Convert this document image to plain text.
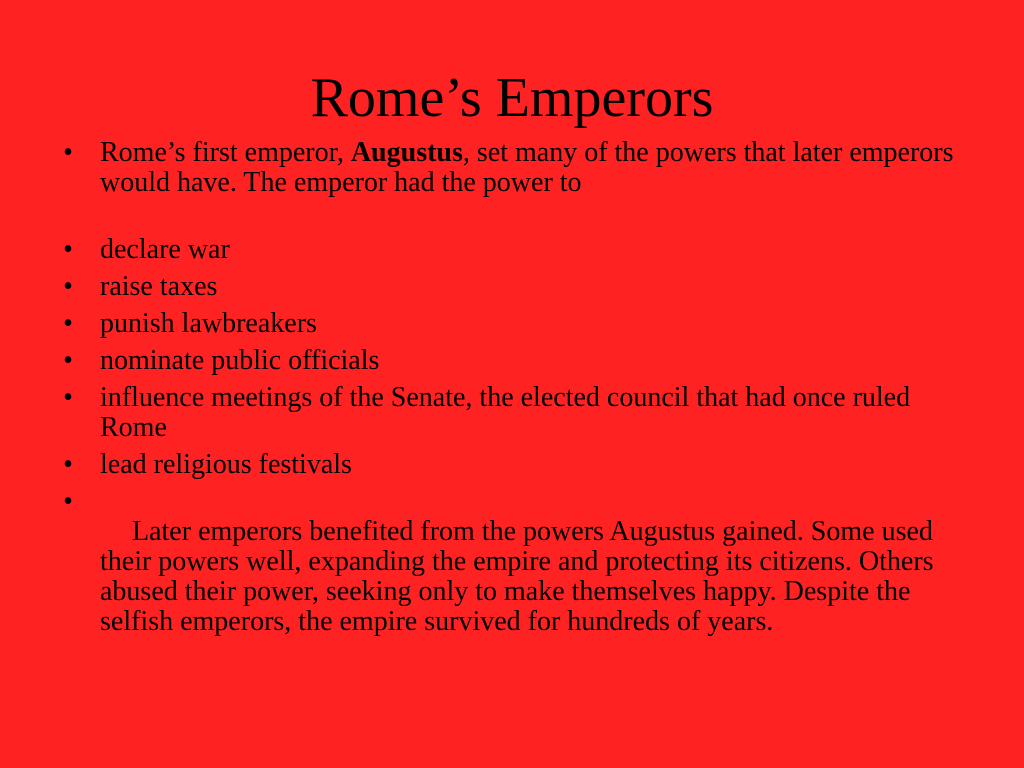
Rome’s Emperors
• Rome’s first emperor, Augustus, set many of the powers that later emperors would have. The emperor had the power to
• declare war
• raise taxes
• punish lawbreakers
• nominate public officials
• influence meetings of the Senate, the elected council that had once ruled Rome
• lead religious festivals
•

Later emperors benefited from the powers Augustus gained. Some used their powers well, expanding the empire and protecting its citizens. Others abused their power, seeking only to make themselves happy. Despite the selfish emperors, the empire survived for hundreds of years.
